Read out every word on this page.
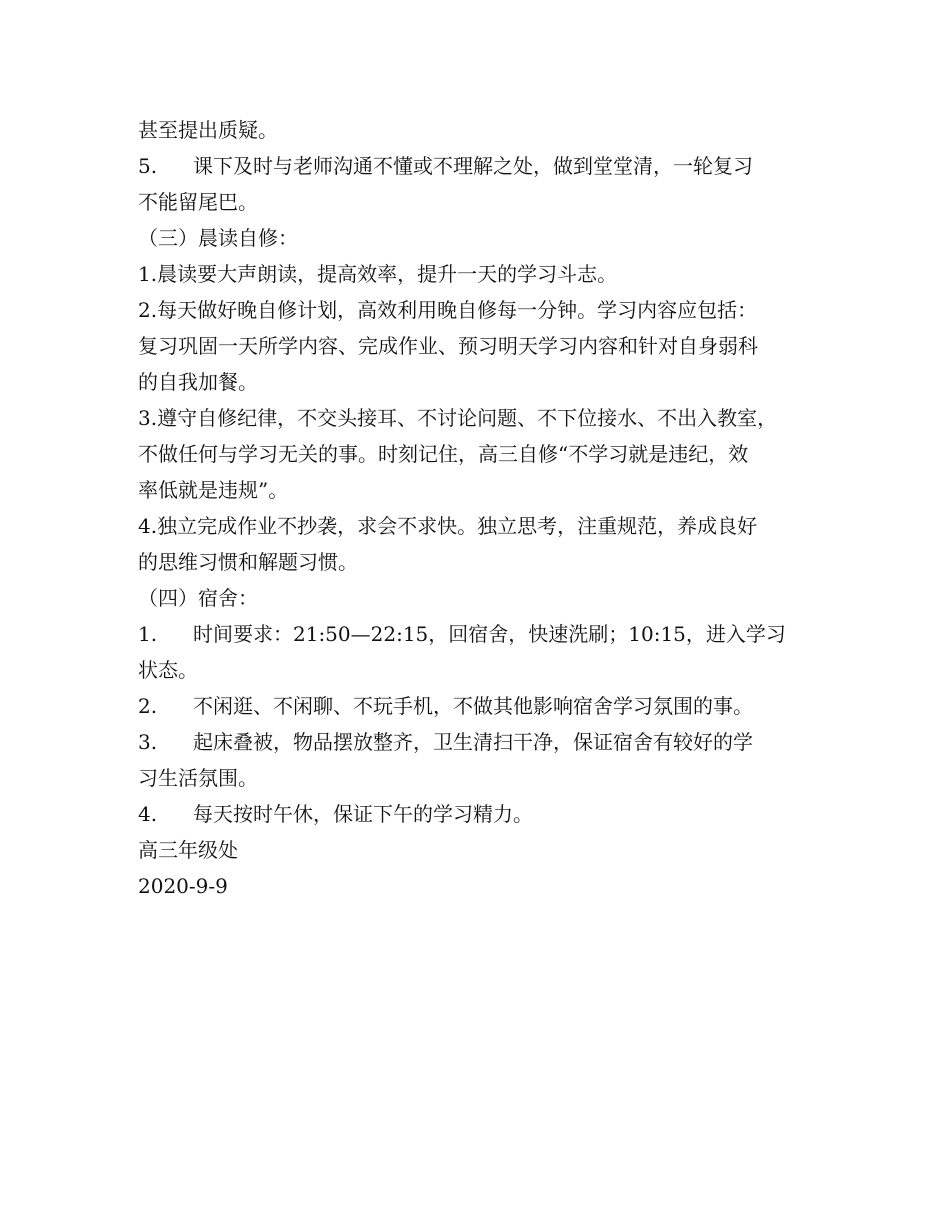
甚至提出质疑。
5. 课下及时与老师沟通不懂或不理解之处，做到堂堂清，一轮复习
不能留尾巴。
（三）晨读自修：
1.晨读要大声朗读，提高效率，提升一天的学习斗志。
2.每天做好晚自修计划，高效利用晚自修每一分钟。学习内容应包括：
复习巩固一天所学内容、完成作业、预习明天学习内容和针对自身弱科
的自我加餐。
3.遵守自修纪律，不交头接耳、不讨论问题、不下位接水、不出入教室，
不做任何与学习无关的事。时刻记住，高三自修“不学习就是违纪，效
率低就是违规”。
4.独立完成作业不抄袭，求会不求快。独立思考，注重规范，养成良好
的思维习惯和解题习惯。
（四）宿舍：
1. 时间要求：21:50—22:15，回宿舍，快速洗刷；10:15，进入学习
状态。
2. 不闲逛、不闲聊、不玩手机，不做其他影响宿舍学习氛围的事。
3. 起床叠被，物品摆放整齐，卫生清扫干净，保证宿舍有较好的学
习生活氛围。
4. 每天按时午休，保证下午的学习精力。
高三年级处
2020-9-9
